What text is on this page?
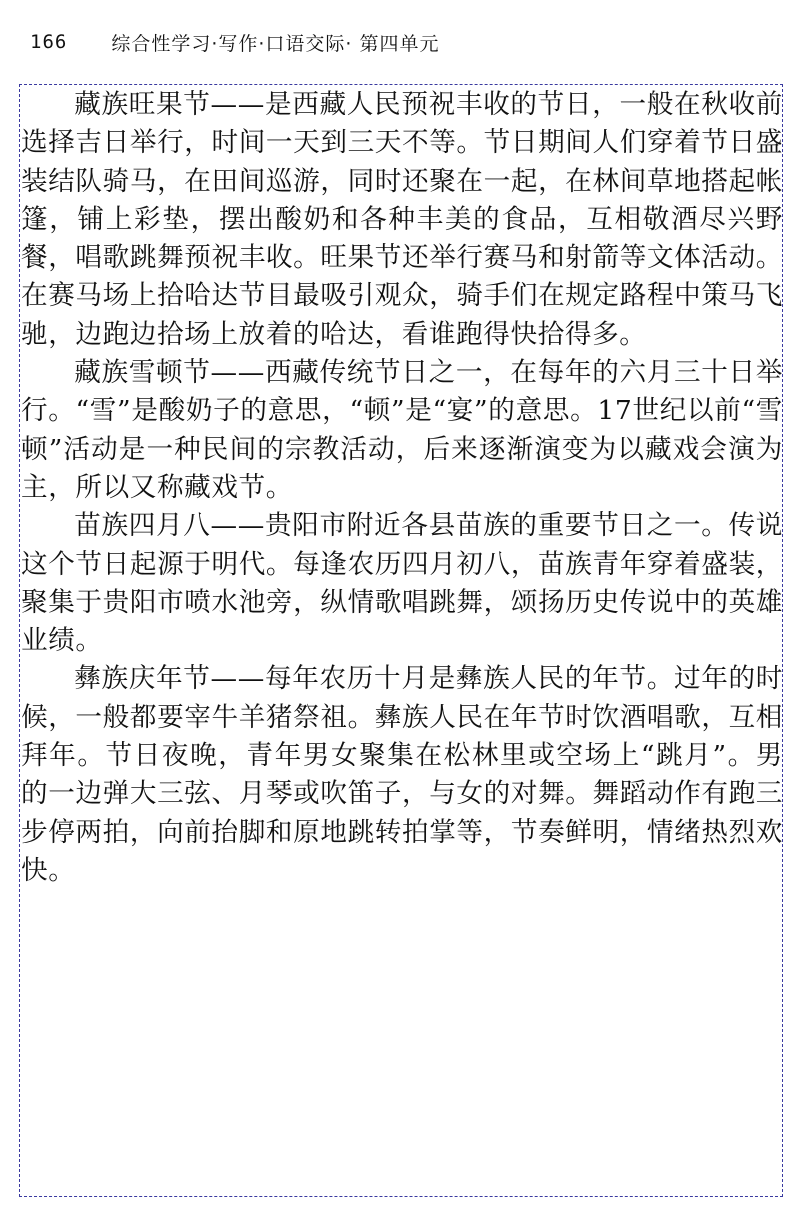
166 综合性学习·写作·口语交际· 第四单元

藏族旺果节——是西藏人民预祝丰收的节日，一般在秋收前选择吉日举行，时间一天到三天不等。节日期间人们穿着节日盛装结队骑马，在田间巡游，同时还聚在一起，在林间草地搭起帐篷，铺上彩垫，摆出酸奶和各种丰美的食品，互相敬酒尽兴野餐，唱歌跳舞预祝丰收。旺果节还举行赛马和射箭等文体活动。在赛马场上拾哈达节目最吸引观众，骑手们在规定路程中策马飞驰，边跑边拾场上放着的哈达，看谁跑得快拾得多。

藏族雪顿节——西藏传统节日之一，在每年的六月三十日举行。“雪”是酸奶子的意思，“顿”是“宴”的意思。17世纪以前“雪顿”活动是一种民间的宗教活动，后来逐渐演变为以藏戏会演为主，所以又称藏戏节。

苗族四月八——贵阳市附近各县苗族的重要节日之一。传说这个节日起源于明代。每逢农历四月初八，苗族青年穿着盛装，聚集于贵阳市喷水池旁，纵情歌唱跳舞，颂扬历史传说中的英雄业绩。

彝族庆年节——每年农历十月是彝族人民的年节。过年的时候，一般都要宰牛羊猪祭祖。彝族人民在年节时饮酒唱歌，互相拜年。节日夜晚，青年男女聚集在松林里或空场上“跳月”。男的一边弹大三弦、月琴或吹笛子，与女的对舞。舞蹈动作有跑三步停两拍，向前抬脚和原地跳转拍掌等，节奏鲜明，情绪热烈欢快。
